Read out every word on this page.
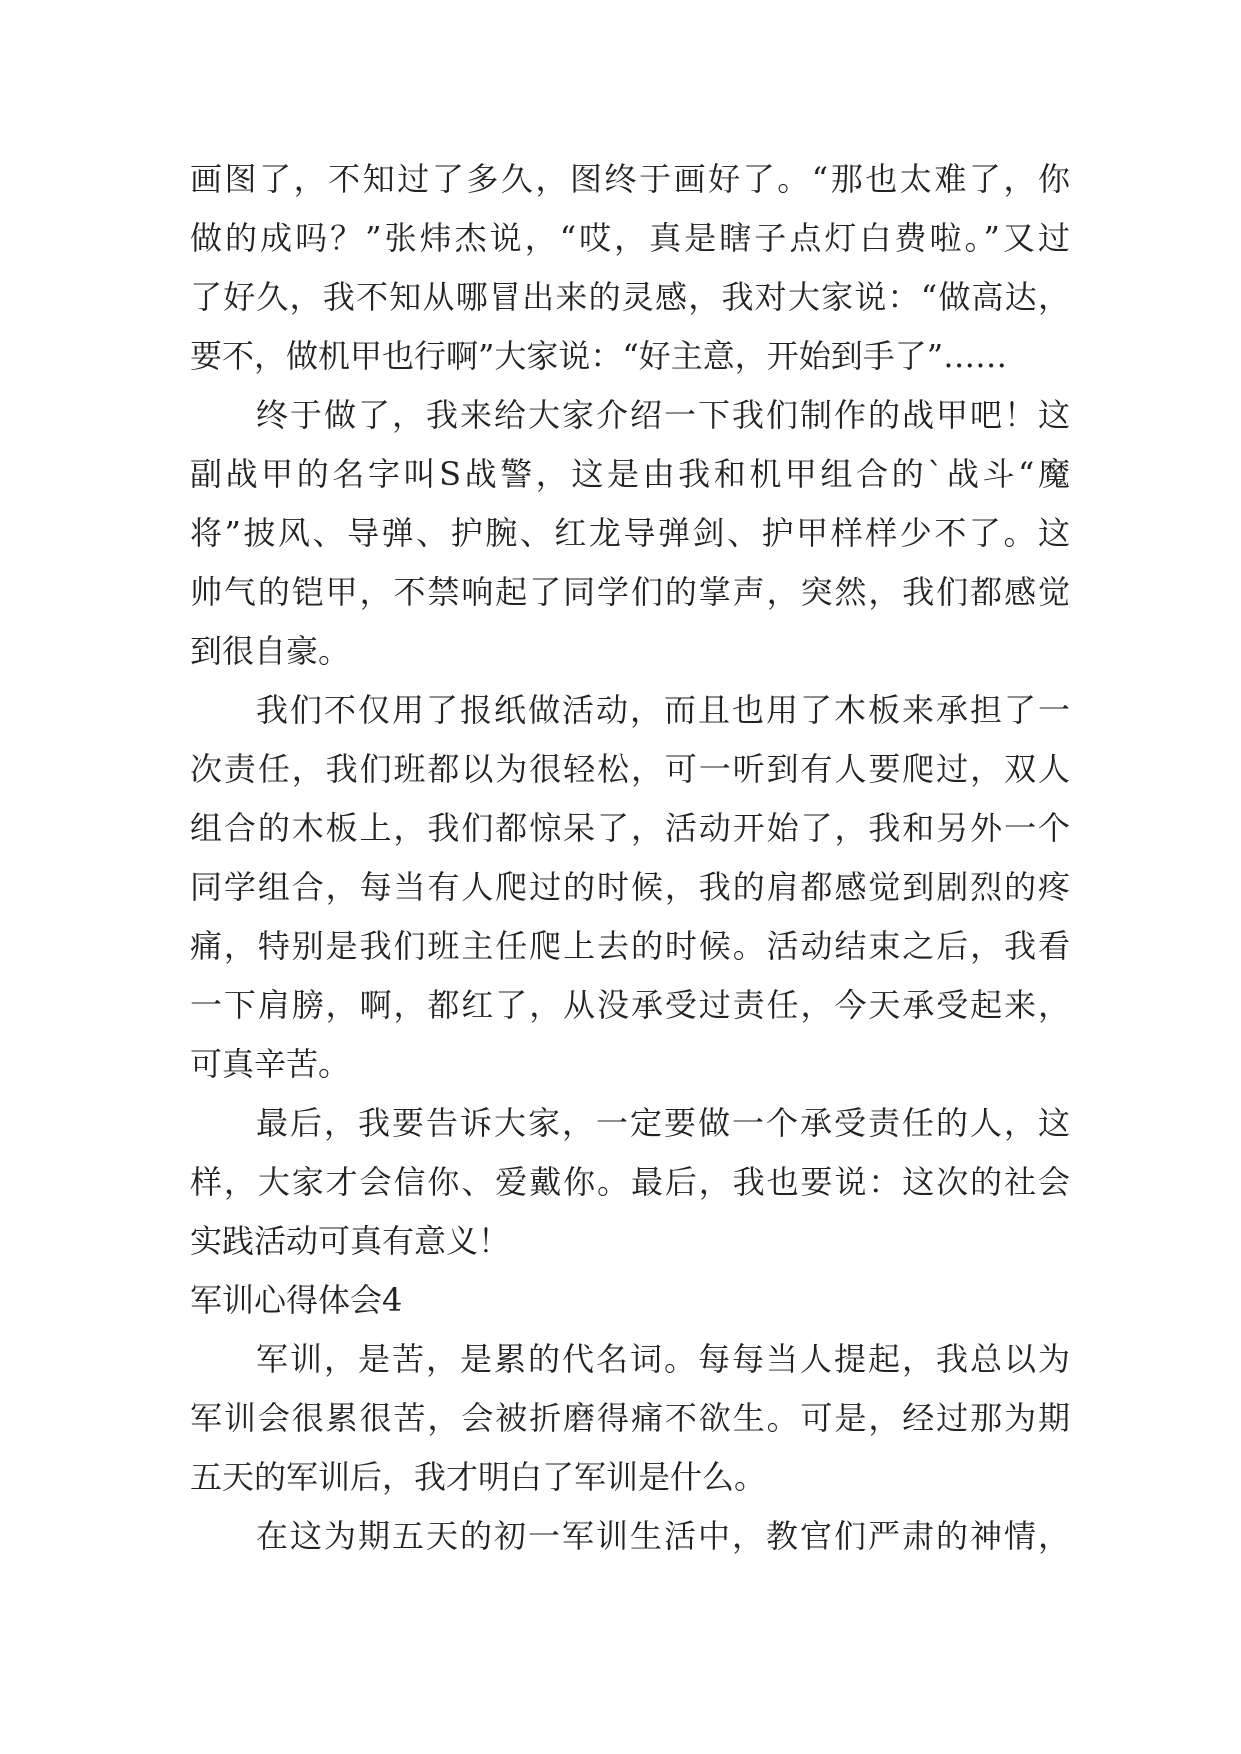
画图了，不知过了多久，图终于画好了。“那也太难了，你
做的成吗？”张炜杰说，“哎，真是瞎子点灯白费啦。”又过
了好久，我不知从哪冒出来的灵感，我对大家说：“做高达，
要不，做机甲也行啊”大家说：“好主意，开始到手了”……
终于做了，我来给大家介绍一下我们制作的战甲吧！这
副战甲的名字叫S战警，这是由我和机甲组合的`战斗“魔
将”披风、导弹、护腕、红龙导弹剑、护甲样样少不了。这
帅气的铠甲，不禁响起了同学们的掌声，突然，我们都感觉
到很自豪。
我们不仅用了报纸做活动，而且也用了木板来承担了一
次责任，我们班都以为很轻松，可一听到有人要爬过，双人
组合的木板上，我们都惊呆了，活动开始了，我和另外一个
同学组合，每当有人爬过的时候，我的肩都感觉到剧烈的疼
痛，特别是我们班主任爬上去的时候。活动结束之后，我看
一下肩膀，啊，都红了，从没承受过责任，今天承受起来，
可真辛苦。
最后，我要告诉大家，一定要做一个承受责任的人，这
样，大家才会信你、爱戴你。最后，我也要说：这次的社会
实践活动可真有意义！
军训心得体会4
军训，是苦，是累的代名词。每每当人提起，我总以为
军训会很累很苦，会被折磨得痛不欲生。可是，经过那为期
五天的军训后，我才明白了军训是什么。
在这为期五天的初一军训生活中，教官们严肃的神情，
